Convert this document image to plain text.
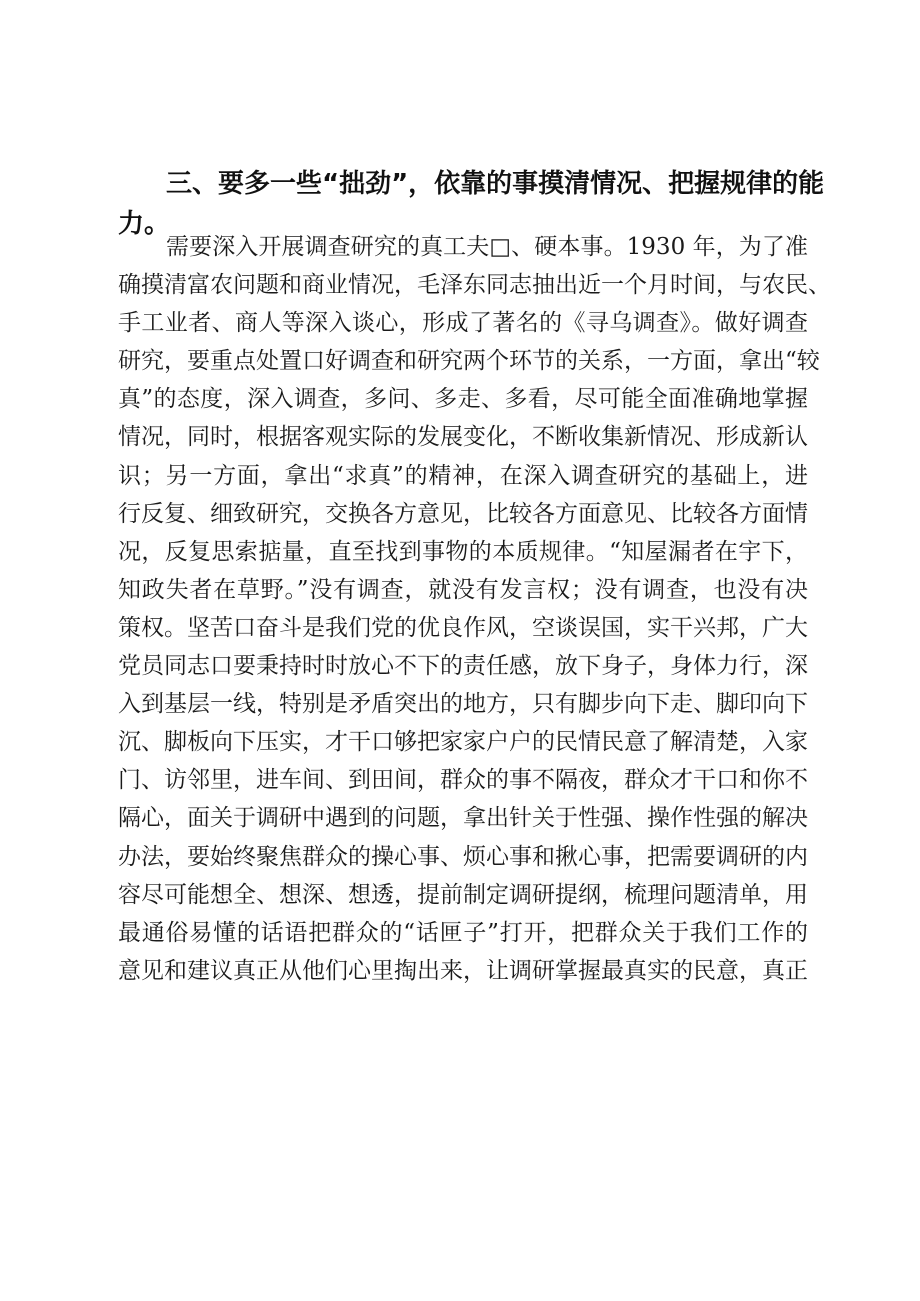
三、要多一些“拙劲”，依靠的事摸清情况、把握规律的能
力。
需要深入开展调查研究的真工夫□、硬本事。1930 年，为了准
确摸清富农问题和商业情况，毛泽东同志抽出近一个月时间，与农民、
手工业者、商人等深入谈心，形成了著名的《寻乌调查》。做好调查
研究，要重点处置口好调查和研究两个环节的关系，一方面，拿出“较
真”的态度，深入调查，多问、多走、多看，尽可能全面准确地掌握
情况，同时，根据客观实际的发展变化，不断收集新情况、形成新认
识；另一方面，拿出“求真”的精神，在深入调查研究的基础上，进
行反复、细致研究，交换各方意见，比较各方面意见、比较各方面情
况，反复思索掂量，直至找到事物的本质规律。“知屋漏者在宇下，
知政失者在草野。”没有调查，就没有发言权；没有调查，也没有决
策权。坚苦口奋斗是我们党的优良作风，空谈误国，实干兴邦，广大
党员同志口要秉持时时放心不下的责任感，放下身子，身体力行，深
入到基层一线，特别是矛盾突出的地方，只有脚步向下走、脚印向下
沉、脚板向下压实，才干口够把家家户户的民情民意了解清楚，入家
门、访邻里，进车间、到田间，群众的事不隔夜，群众才干口和你不
隔心，面关于调研中遇到的问题，拿出针关于性强、操作性强的解决
办法，要始终聚焦群众的操心事、烦心事和揪心事，把需要调研的内
容尽可能想全、想深、想透，提前制定调研提纲，梳理问题清单，用
最通俗易懂的话语把群众的“话匣子”打开，把群众关于我们工作的
意见和建议真正从他们心里掏出来，让调研掌握最真实的民意，真正
